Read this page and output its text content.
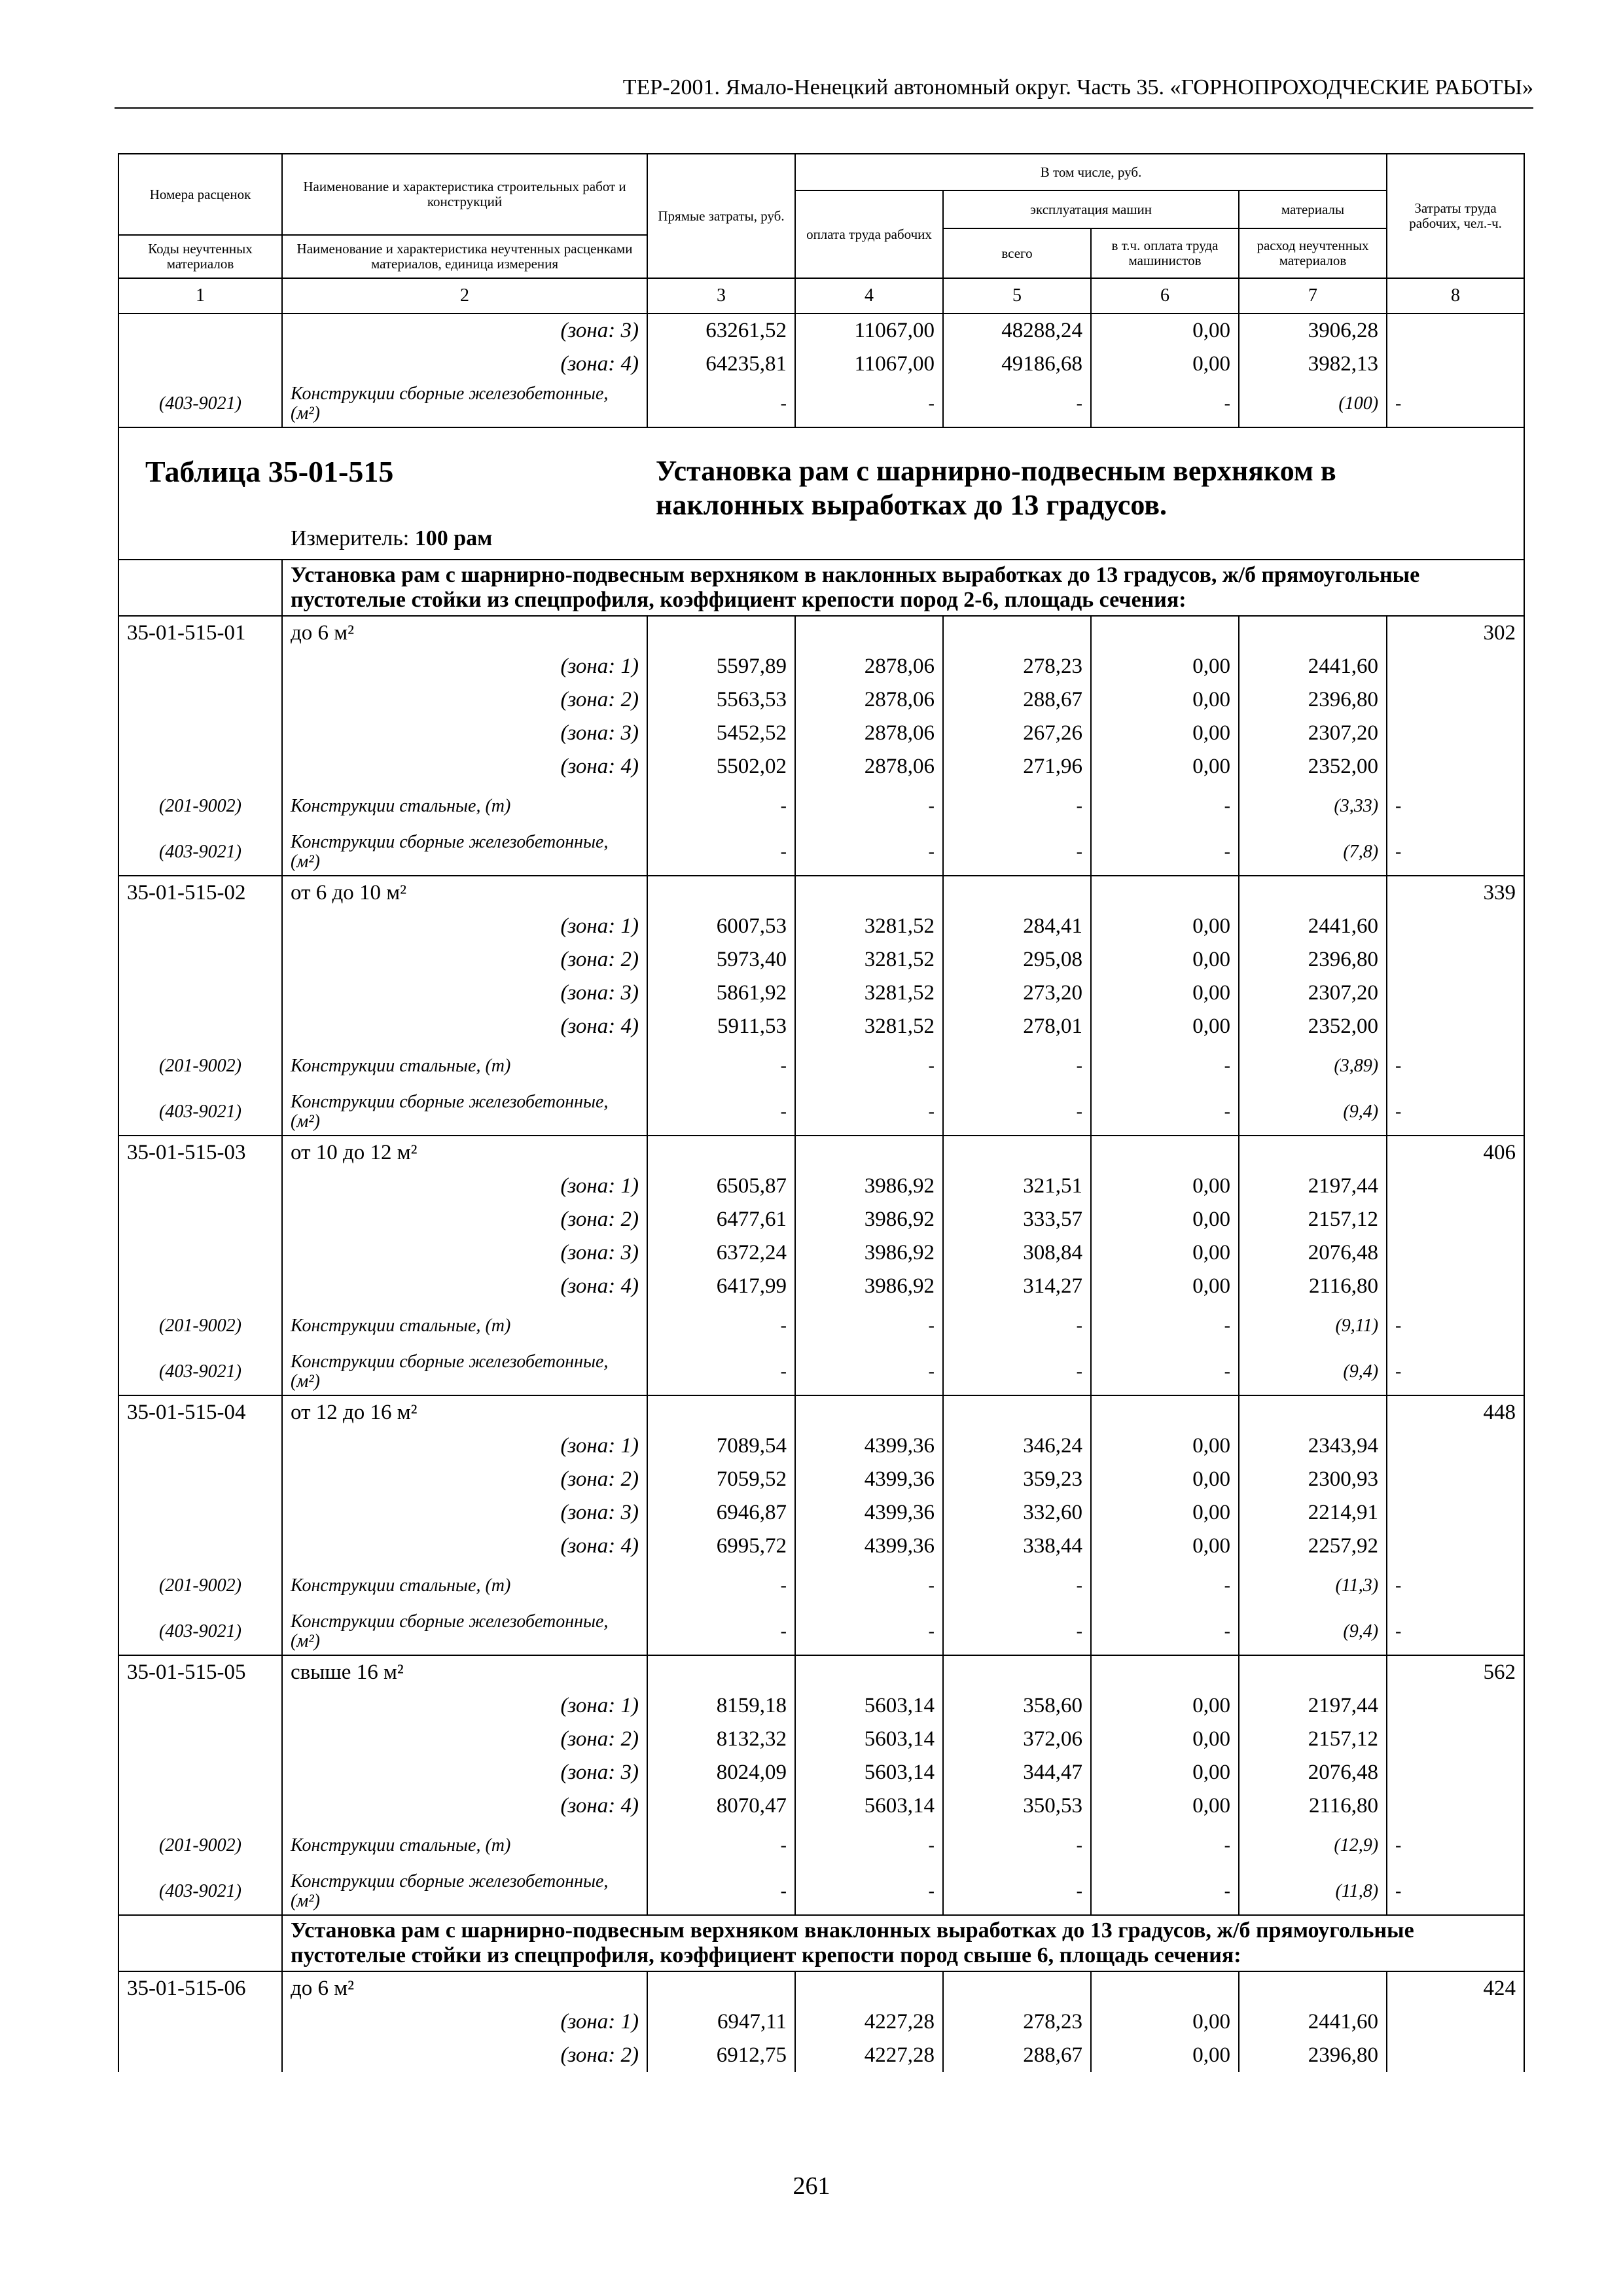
ТЕР-2001. Ямало-Ненецкий автономный округ. Часть 35. «ГОРНОПРОХОДЧЕСКИЕ РАБОТЫ»
Номера расценок	Наименование и характеристика строительных работ и конструкций	Прямые затраты, руб.	В том числе, руб.				Затраты труда рабочих, чел.-ч.
			оплата труда рабочих	эксплуатация машин		материалы	
				всего	в т.ч. оплата труда машинистов	расход неучтенных материалов	
Коды неучтенных материалов	Наименование и характеристика неучтенных расценками материалов, единица измерения						
1	2	3	4	5	6	7	8
	(зона: 3)	63261,52	11067,00	48288,24	0,00	3906,28	
	(зона: 4)	64235,81	11067,00	49186,68	0,00	3982,13	
(403-9021)	Конструкции сборные железобетонные, (м²)	-	-	-	-	(100)	-

Таблица 35-01-515 Установка рам с шарнирно-подвесным верхняком в наклонных выработках до 13 градусов.
Измеритель: 100 рам							

	Установка рам с шарнирно-подвесным верхняком в наклонных выработках до 13 градусов, ж/б прямоугольные пустотелые стойки из спецпрофиля, коэффициент крепости пород 2-6, площадь сечения:						
35-01-515-01	до 6 м²						302
	(зона: 1)	5597,89	2878,06	278,23	0,00	2441,60	
	(зона: 2)	5563,53	2878,06	288,67	0,00	2396,80	
	(зона: 3)	5452,52	2878,06	267,26	0,00	2307,20	
	(зона: 4)	5502,02	2878,06	271,96	0,00	2352,00	
(201-9002)	Конструкции стальные, (т)	-	-	-	-	(3,33)	-
(403-9021)	Конструкции сборные железобетонные, (м²)	-	-	-	-	(7,8)	-
35-01-515-02	от 6 до 10 м²						339
	(зона: 1)	6007,53	3281,52	284,41	0,00	2441,60	
	(зона: 2)	5973,40	3281,52	295,08	0,00	2396,80	
	(зона: 3)	5861,92	3281,52	273,20	0,00	2307,20	
	(зона: 4)	5911,53	3281,52	278,01	0,00	2352,00	
(201-9002)	Конструкции стальные, (т)	-	-	-	-	(3,89)	-
(403-9021)	Конструкции сборные железобетонные, (м²)	-	-	-	-	(9,4)	-
35-01-515-03	от 10 до 12 м²						406
	(зона: 1)	6505,87	3986,92	321,51	0,00	2197,44	
	(зона: 2)	6477,61	3986,92	333,57	0,00	2157,12	
	(зона: 3)	6372,24	3986,92	308,84	0,00	2076,48	
	(зона: 4)	6417,99	3986,92	314,27	0,00	2116,80	
(201-9002)	Конструкции стальные, (т)	-	-	-	-	(9,11)	-
(403-9021)	Конструкции сборные железобетонные, (м²)	-	-	-	-	(9,4)	-
35-01-515-04	от 12 до 16 м²						448
	(зона: 1)	7089,54	4399,36	346,24	0,00	2343,94	
	(зона: 2)	7059,52	4399,36	359,23	0,00	2300,93	
	(зона: 3)	6946,87	4399,36	332,60	0,00	2214,91	
	(зона: 4)	6995,72	4399,36	338,44	0,00	2257,92	
(201-9002)	Конструкции стальные, (т)	-	-	-	-	(11,3)	-
(403-9021)	Конструкции сборные железобетонные, (м²)	-	-	-	-	(9,4)	-
35-01-515-05	свыше 16 м²						562
	(зона: 1)	8159,18	5603,14	358,60	0,00	2197,44	
	(зона: 2)	8132,32	5603,14	372,06	0,00	2157,12	
	(зона: 3)	8024,09	5603,14	344,47	0,00	2076,48	
	(зона: 4)	8070,47	5603,14	350,53	0,00	2116,80	
(201-9002)	Конструкции стальные, (т)	-	-	-	-	(12,9)	-
(403-9021)	Конструкции сборные железобетонные, (м²)	-	-	-	-	(11,8)	-
	Установка рам с шарнирно-подвесным верхняком внаклонных выработках до 13 градусов, ж/б прямоугольные пустотелые стойки из спецпрофиля, коэффициент крепости пород свыше 6, площадь сечения:						
35-01-515-06	до 6 м²						424
	(зона: 1)	6947,11	4227,28	278,23	0,00	2441,60	
	(зона: 2)	6912,75	4227,28	288,67	0,00	2396,80	
261
